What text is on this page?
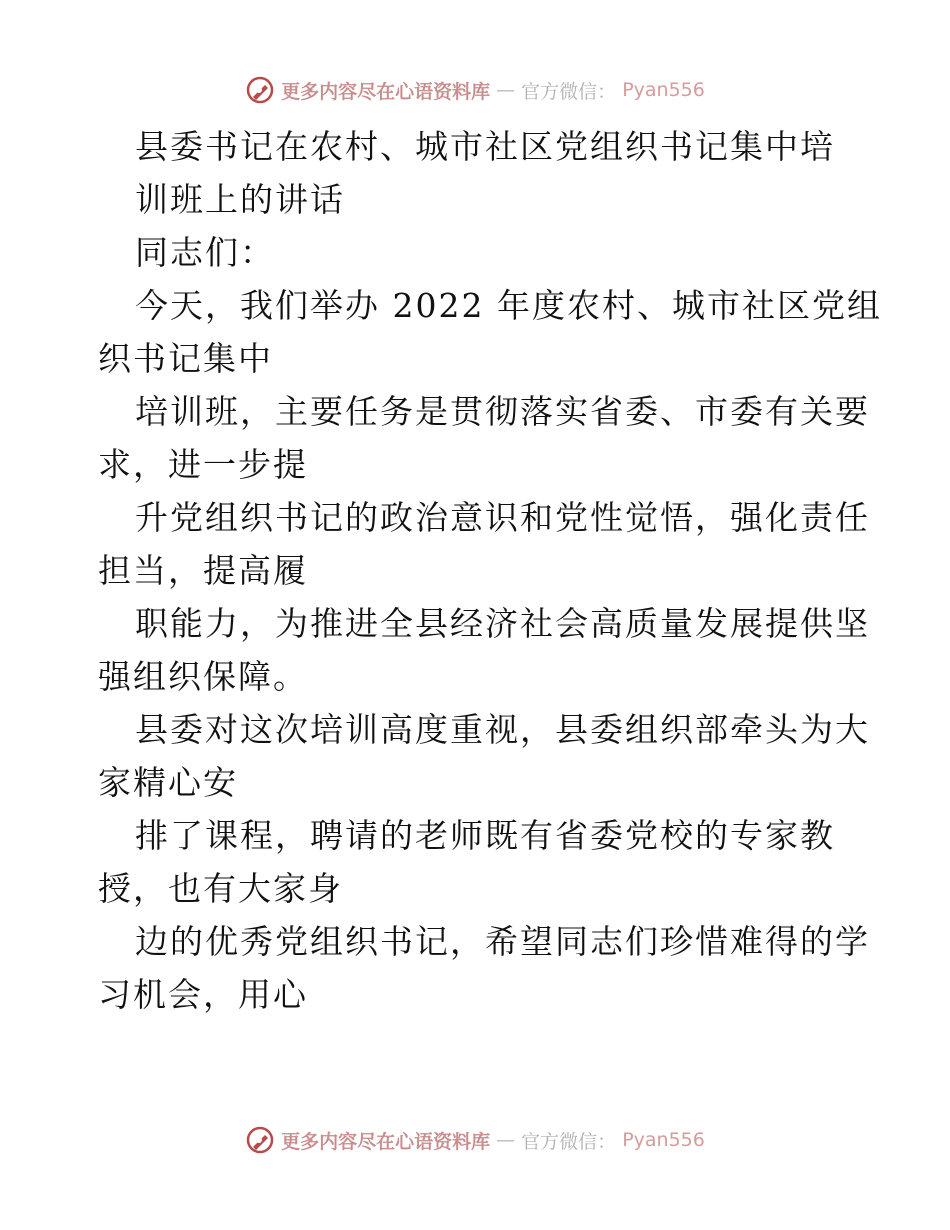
更多内容尽在心语资料库 — 官方微信： Pyan556
县委书记在农村、城市社区党组织书记集中培
训班上的讲话
同志们：
今天，我们举办 2022 年度农村、城市社区党组
织书记集中
培训班，主要任务是贯彻落实省委、市委有关要
求，进一步提
升党组织书记的政治意识和党性觉悟，强化责任
担当，提高履
职能力，为推进全县经济社会高质量发展提供坚
强组织保障。
县委对这次培训高度重视，县委组织部牵头为大
家精心安
排了课程，聘请的老师既有省委党校的专家教
授，也有大家身
边的优秀党组织书记，希望同志们珍惜难得的学
习机会，用心
更多内容尽在心语资料库 — 官方微信： Pyan556
